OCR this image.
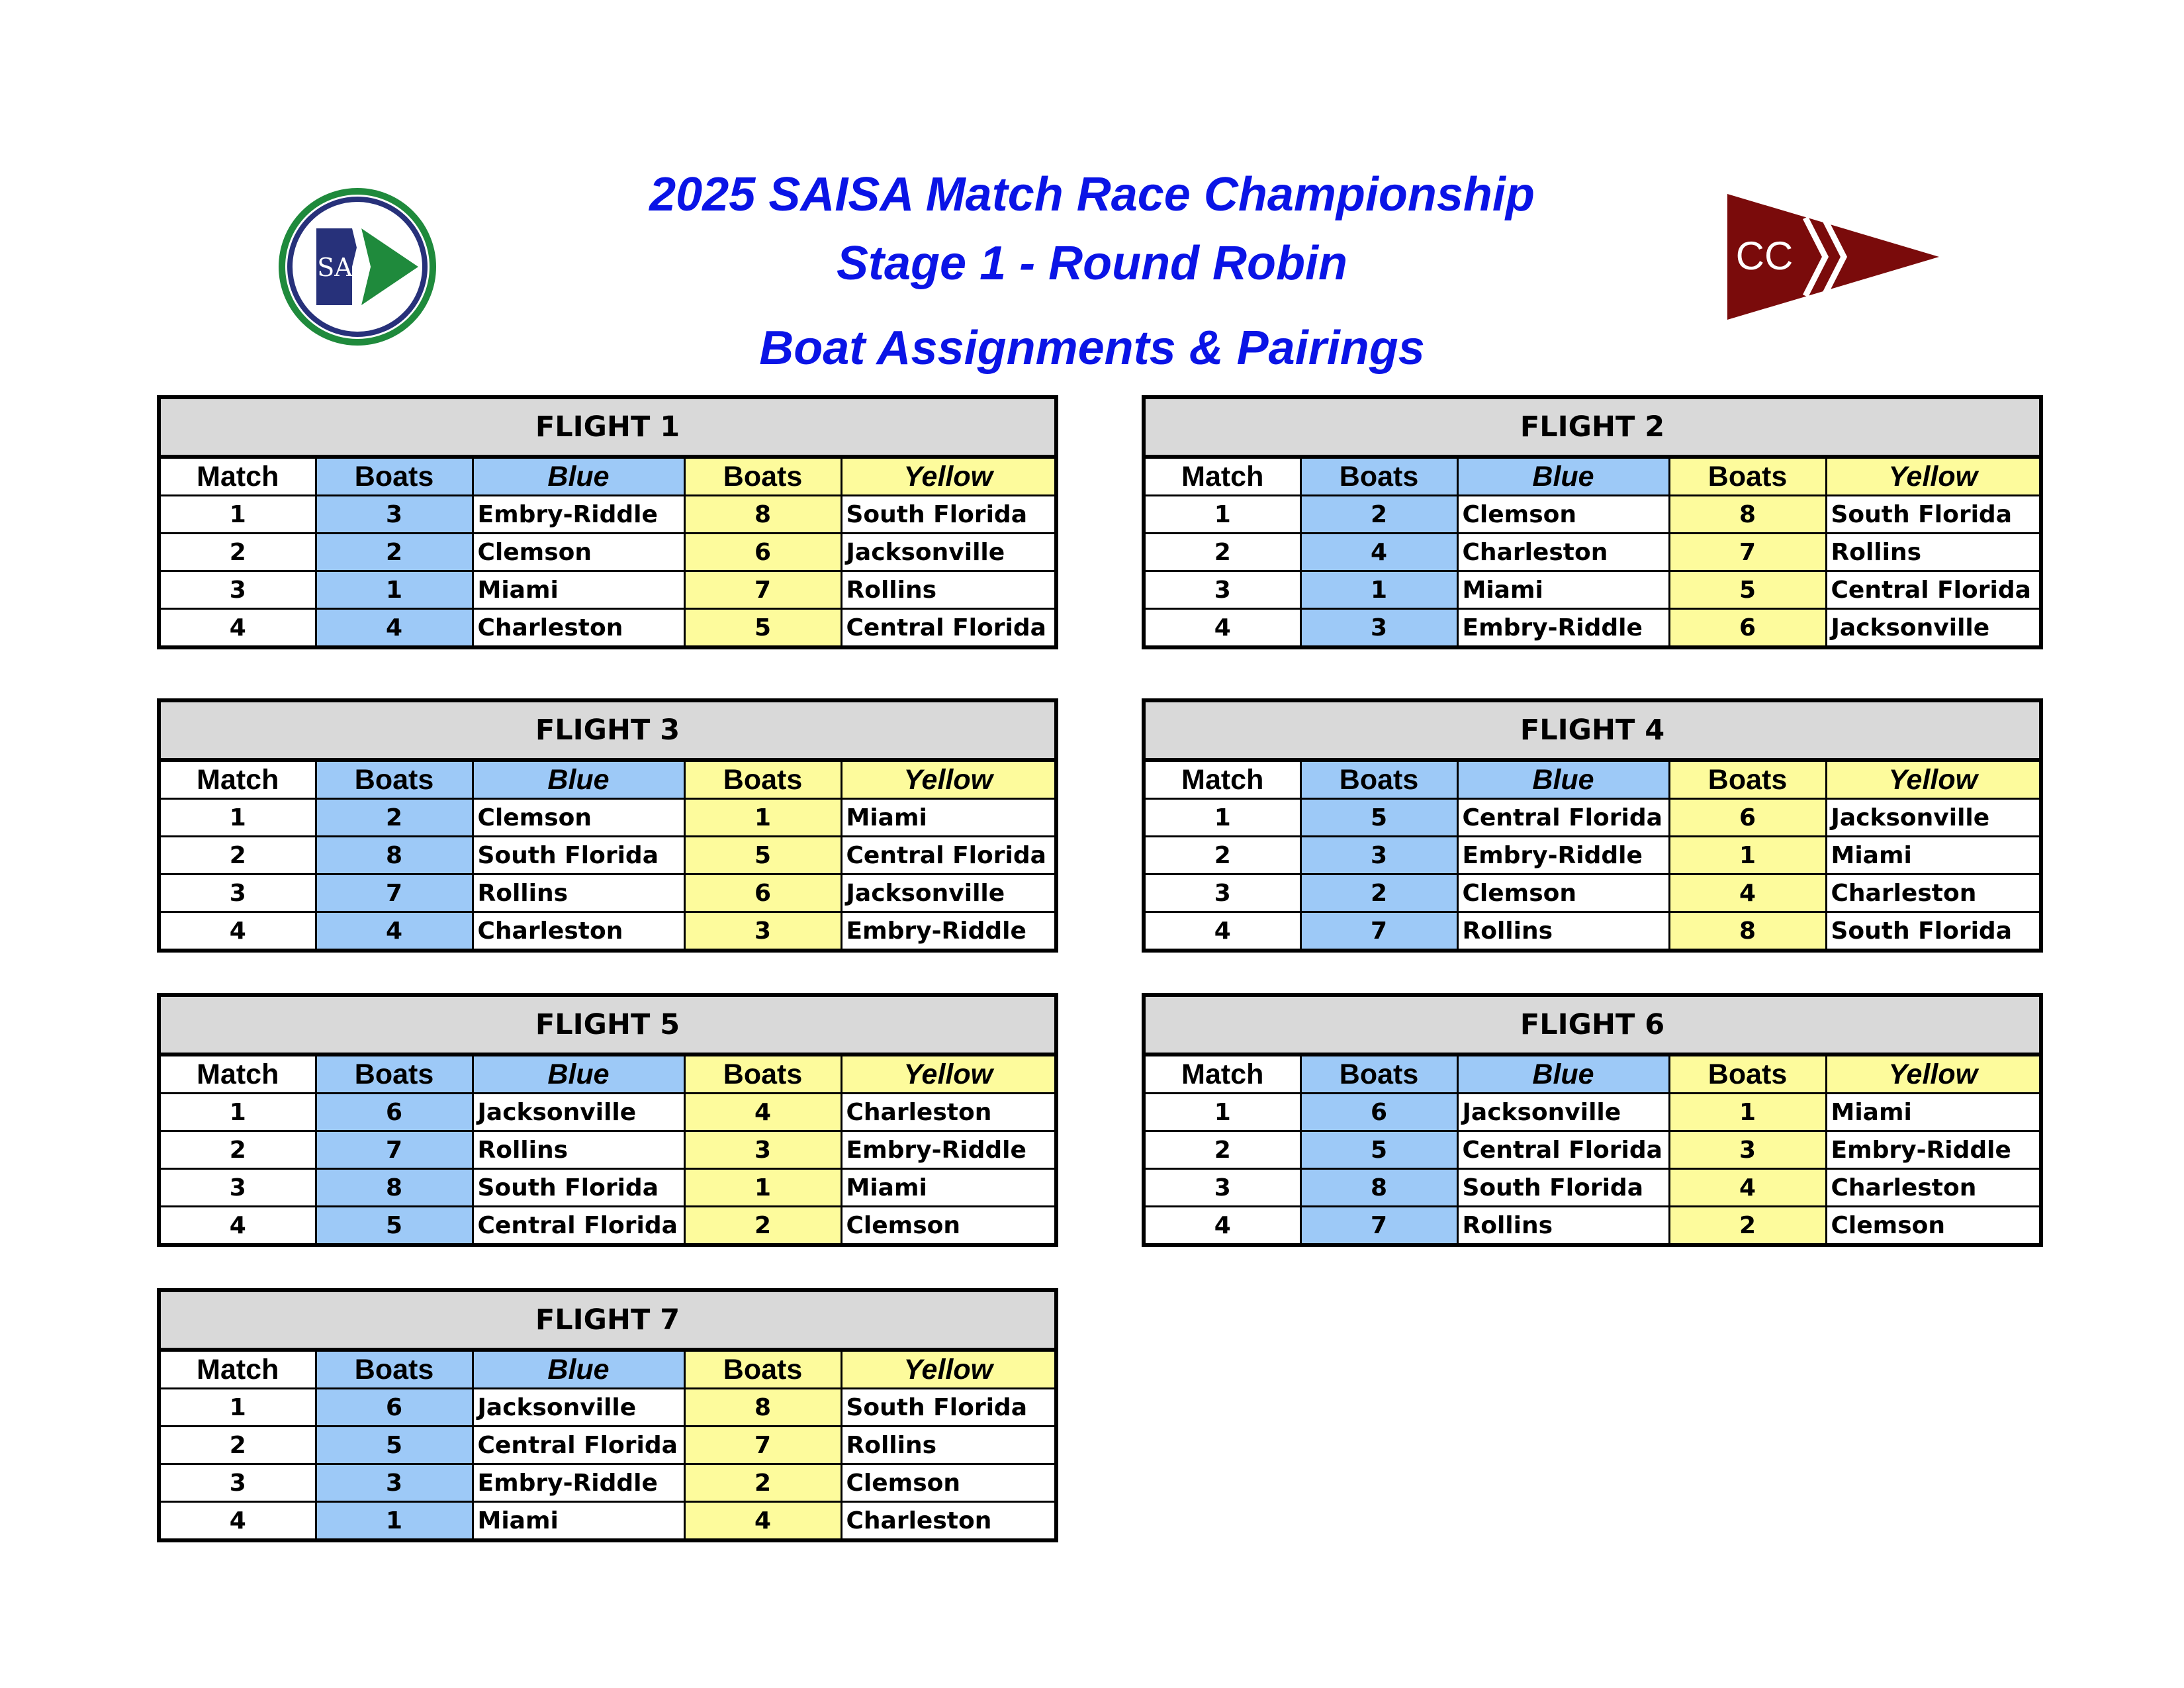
SA
2025 SAISA Match Race Championship
Stage 1 - Round Robin
Boat Assignments & Pairings
CC
FLIGHT 1				
Match	Boats	Blue	Boats	Yellow
1	3	Embry-Riddle	8	South Florida
2	2	Clemson	6	Jacksonville
3	1	Miami	7	Rollins
4	4	Charleston	5	Central Florida
FLIGHT 2				
Match	Boats	Blue	Boats	Yellow
1	2	Clemson	8	South Florida
2	4	Charleston	7	Rollins
3	1	Miami	5	Central Florida
4	3	Embry-Riddle	6	Jacksonville
FLIGHT 3				
Match	Boats	Blue	Boats	Yellow
1	2	Clemson	1	Miami
2	8	South Florida	5	Central Florida
3	7	Rollins	6	Jacksonville
4	4	Charleston	3	Embry-Riddle
FLIGHT 4				
Match	Boats	Blue	Boats	Yellow
1	5	Central Florida	6	Jacksonville
2	3	Embry-Riddle	1	Miami
3	2	Clemson	4	Charleston
4	7	Rollins	8	South Florida
FLIGHT 5				
Match	Boats	Blue	Boats	Yellow
1	6	Jacksonville	4	Charleston
2	7	Rollins	3	Embry-Riddle
3	8	South Florida	1	Miami
4	5	Central Florida	2	Clemson
FLIGHT 6				
Match	Boats	Blue	Boats	Yellow
1	6	Jacksonville	1	Miami
2	5	Central Florida	3	Embry-Riddle
3	8	South Florida	4	Charleston
4	7	Rollins	2	Clemson
FLIGHT 7				
Match	Boats	Blue	Boats	Yellow
1	6	Jacksonville	8	South Florida
2	5	Central Florida	7	Rollins
3	3	Embry-Riddle	2	Clemson
4	1	Miami	4	Charleston
